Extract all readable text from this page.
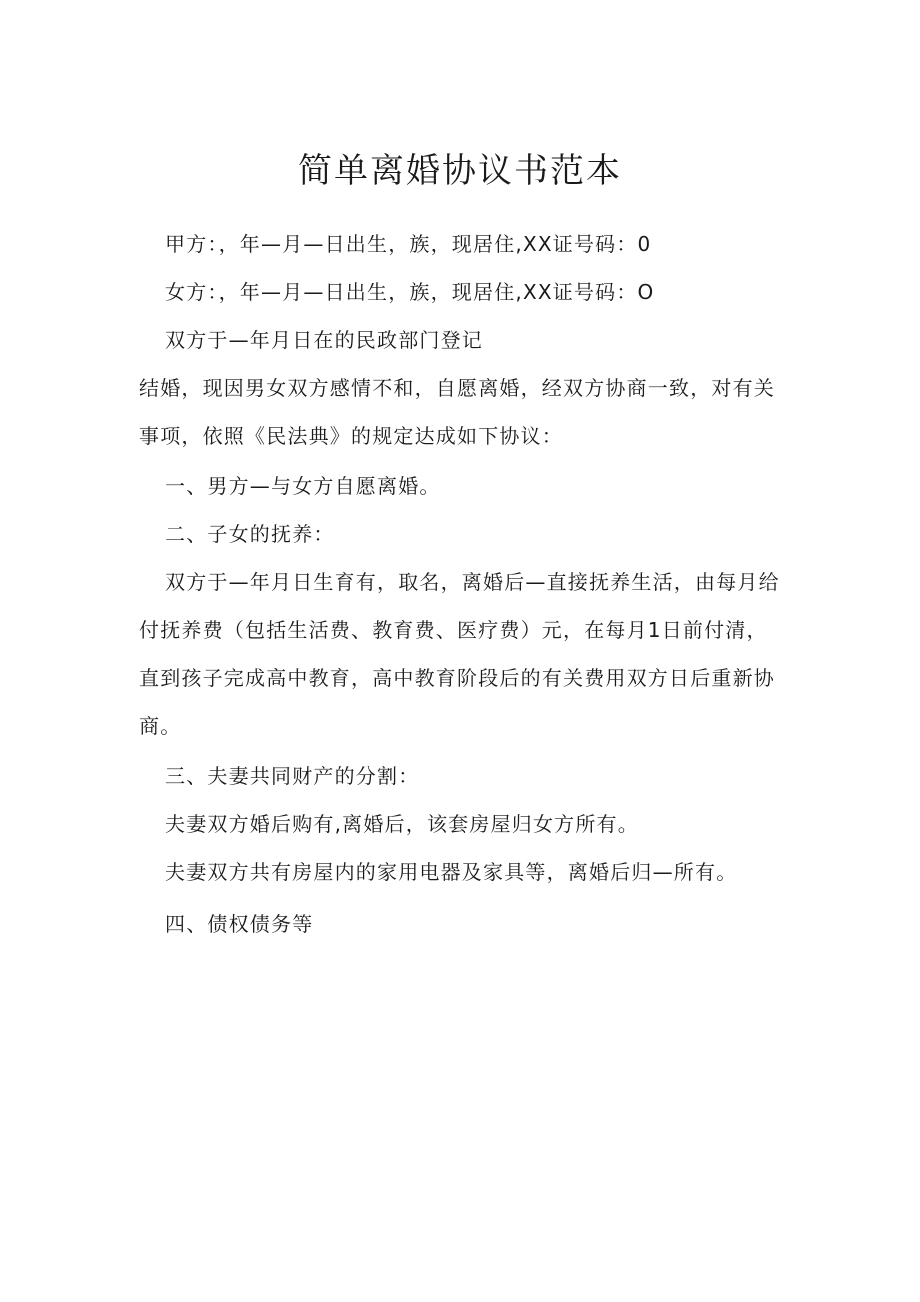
简单离婚协议书范本

甲方：，年—月—日出生，族，现居住,XX证号码：0

女方：，年—月—日出生，族，现居住,XX证号码：O

双方于—年月日在的民政部门登记

结婚，现因男女双方感情不和，自愿离婚，经双方协商一致，对有关

事项，依照《民法典》的规定达成如下协议：

一、男方—与女方自愿离婚。

二、子女的抚养：

双方于—年月日生育有，取名，离婚后—直接抚养生活，由每月给

付抚养费（包括生活费、教育费、医疗费）元，在每月1日前付清，

直到孩子完成高中教育，高中教育阶段后的有关费用双方日后重新协

商。

三、夫妻共同财产的分割：

夫妻双方婚后购有,离婚后，该套房屋归女方所有。

夫妻双方共有房屋内的家用电器及家具等，离婚后归—所有。

四、债权债务等
